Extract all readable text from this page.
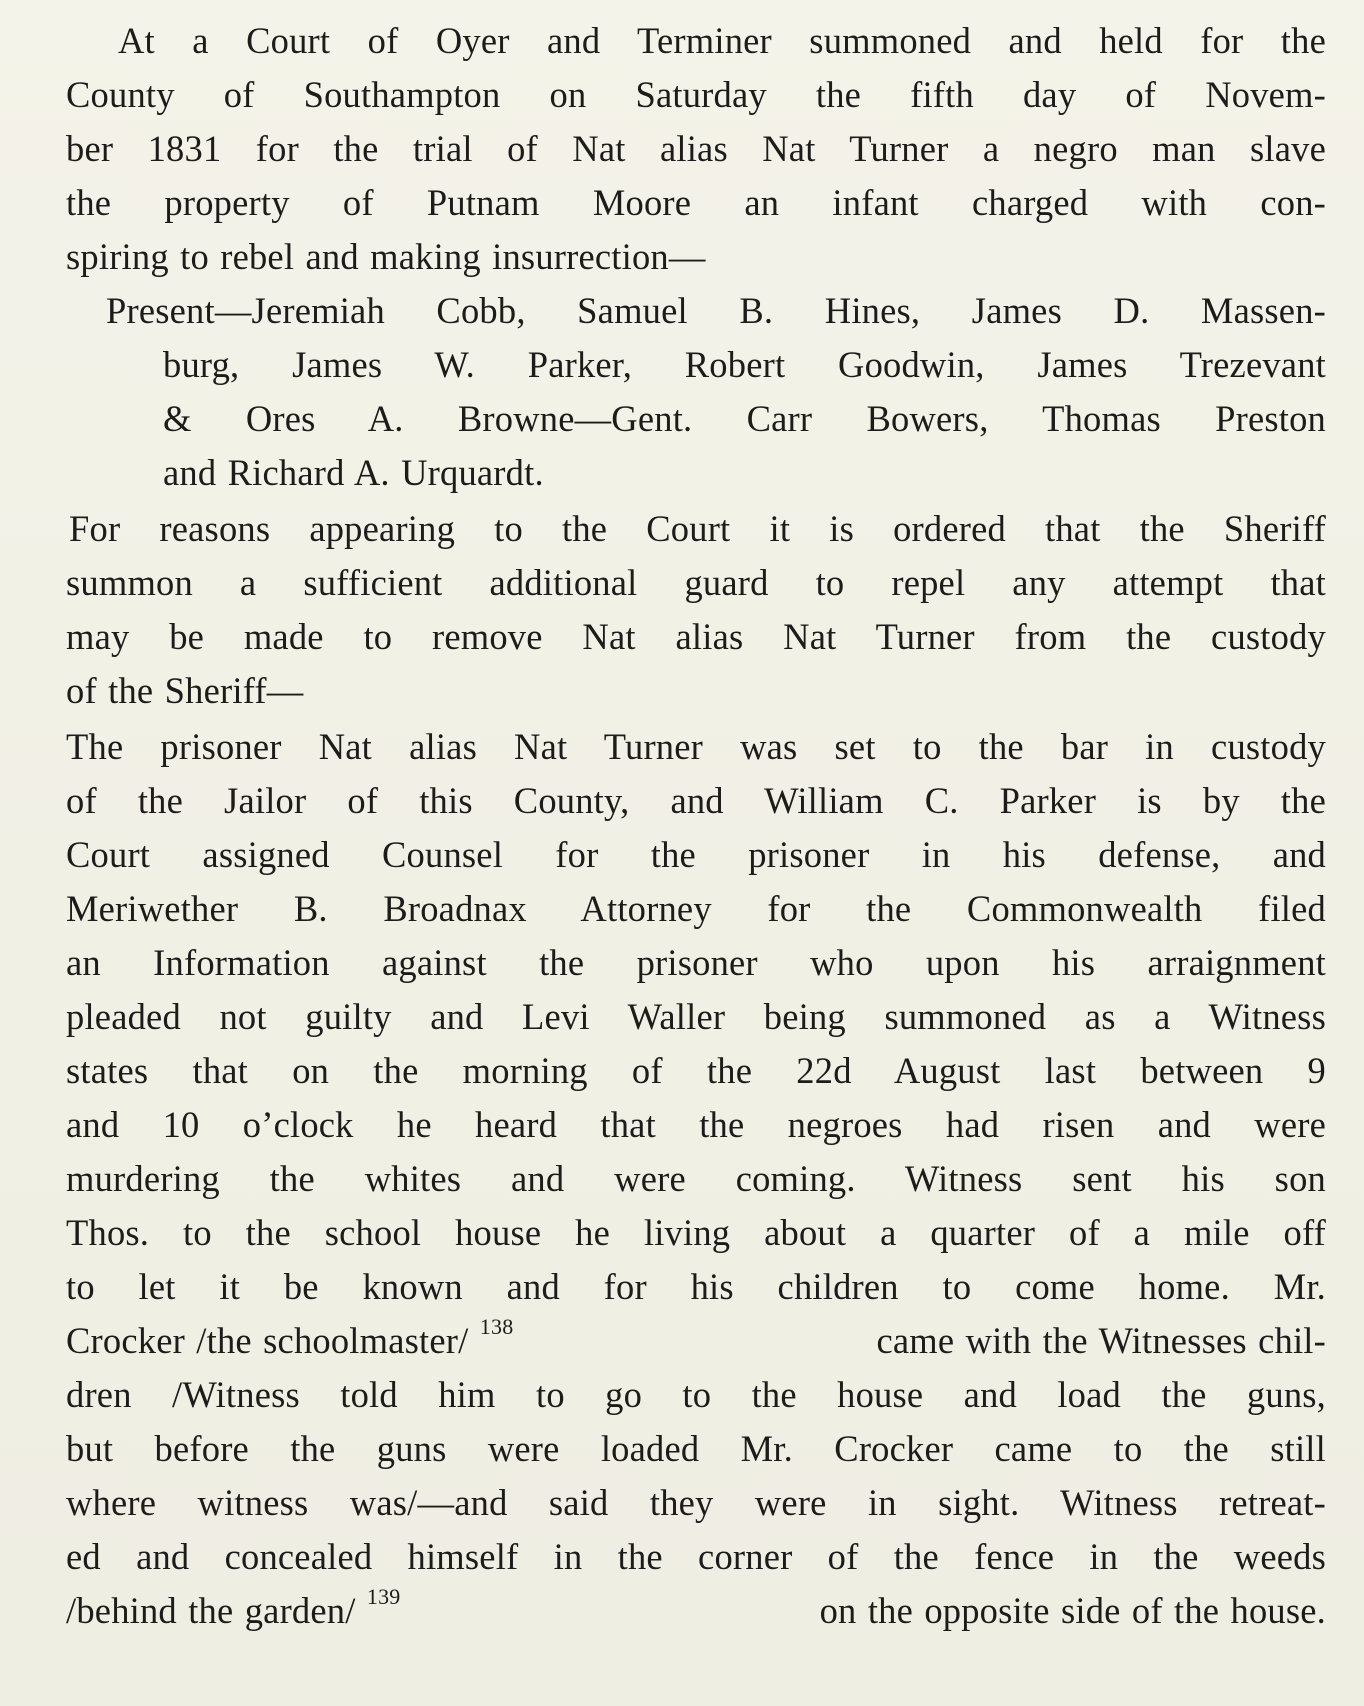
At a Court of Oyer and Terminer summoned and held for the
County of Southampton on Saturday the fifth day of Novem-
ber 1831 for the trial of Nat alias Nat Turner a negro man slave
the property of Putnam Moore an infant charged with con-
spiring to rebel and making insurrection—
Present—Jeremiah Cobb, Samuel B. Hines, James D. Massen-
burg, James W. Parker, Robert Goodwin, James Trezevant
& Ores A. Browne—Gent. Carr Bowers, Thomas Preston
and Richard A. Urquardt.
For reasons appearing to the Court it is ordered that the Sheriff
summon a sufficient additional guard to repel any attempt that
may be made to remove Nat alias Nat Turner from the custody
of the Sheriff—
The prisoner Nat alias Nat Turner was set to the bar in custody
of the Jailor of this County, and William C. Parker is by the
Court assigned Counsel for the prisoner in his defense, and
Meriwether B. Broadnax Attorney for the Commonwealth filed
an Information against the prisoner who upon his arraignment
pleaded not guilty and Levi Waller being summoned as a Witness
states that on the morning of the 22d August last between 9
and 10 o’clock he heard that the negroes had risen and were
murdering the whites and were coming. Witness sent his son
Thos. to the school house he living about a quarter of a mile off
to let it be known and for his children to come home. Mr.
Crocker /the schoolmaster/ $^{138}$	came with the Witnesses chil-
dren /Witness told him to go to the house and load the guns,
but before the guns were loaded Mr. Crocker came to the still
where witness was/—and said they were in sight. Witness retreat-
ed and concealed himself in the corner of the fence in the weeds
/behind the garden/ $^{139}$	on the opposite side of the house.
